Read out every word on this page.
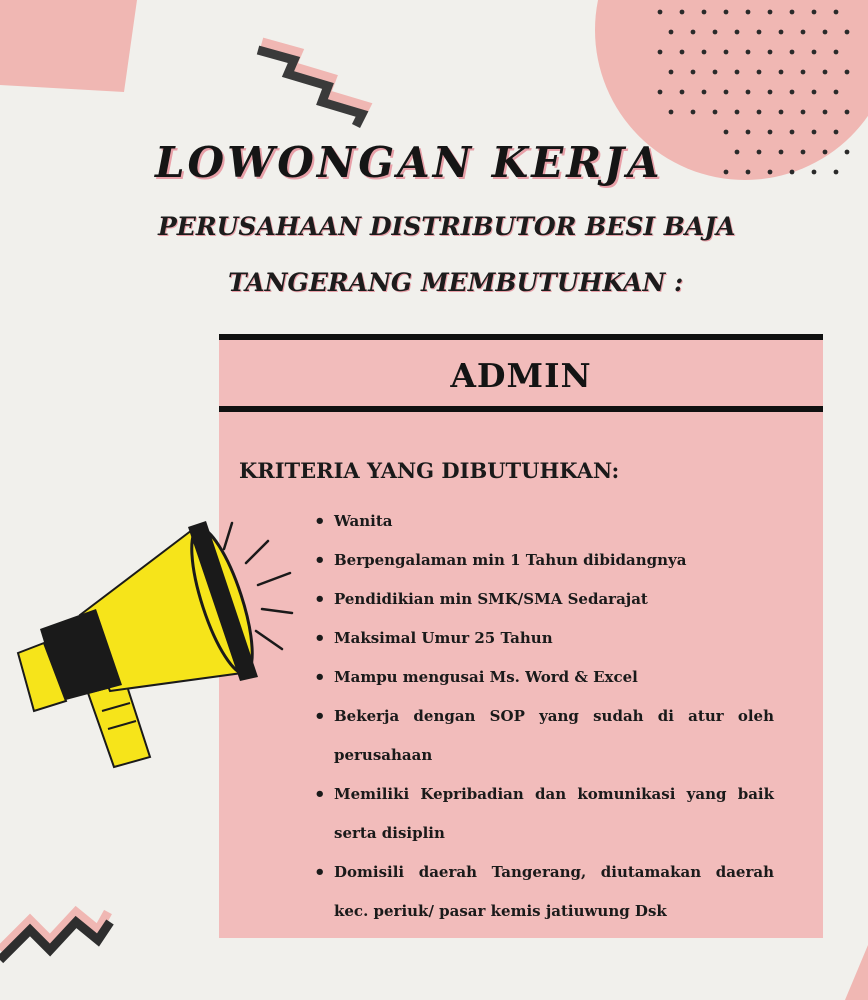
LOWONGAN KERJA
PERUSAHAAN DISTRIBUTOR BESI BAJA
TANGERANG MEMBUTUHKAN :
ADMIN
KRITERIA YANG DIBUTUHKAN:
• Wanita
• Berpengalaman min 1 Tahun dibidangnya
• Pendidikian min SMK/SMA Sedarajat
• Maksimal Umur 25 Tahun
• Mampu mengusai Ms. Word & Excel
• Bekerja dengan SOP yang sudah di atur oleh perusahaan
• Memiliki Kepribadian dan komunikasi yang baik serta disiplin
• Domisili daerah Tangerang, diutamakan daerah kec. periuk/ pasar kemis jatiuwung Dsk
